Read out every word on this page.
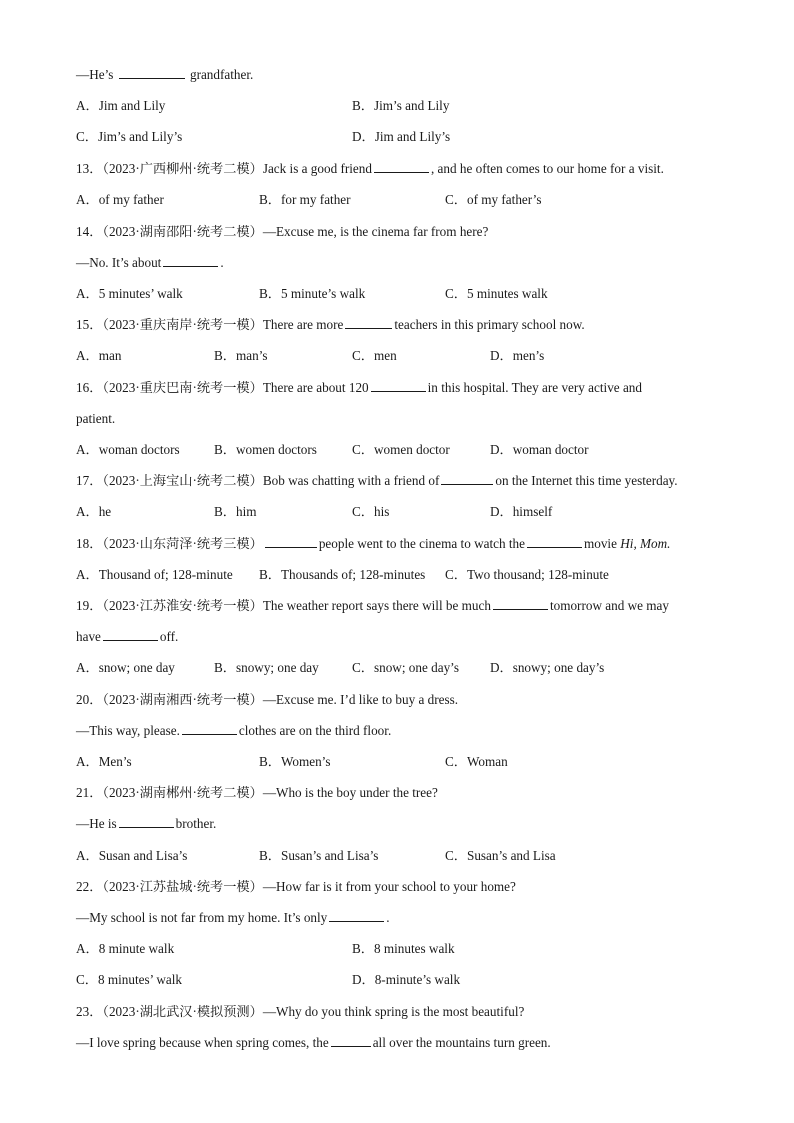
—He’s	grandfather.
A．Jim and Lily	B．Jim’s and Lily
C．Jim’s and Lily’s	D．Jim and Lily’s
13．（2023·广西柳州·统考二模）Jack is a good friend	, and he often comes to our home for a visit.
A．of my father	B．for my father	C．of my father’s
14．（2023·湖南邵阳·统考二模）—Excuse me, is the cinema far from here?
—No. It’s about	.
A．5 minutes’ walk	B．5 minute’s walk	C．5 minutes walk
15．（2023·重庆南岸·统考一模）There are more	teachers in this primary school now.
A．man	B．man’s	C．men	D．men’s
16．（2023·重庆巴南·统考一模）There are about 120	in this hospital. They are very active and
patient.
A．woman doctors	B．women doctors	C．women doctor	D．woman doctor
17．（2023·上海宝山·统考二模）Bob was chatting with a friend of	on the Internet this time yesterday.
A．he	B．him	C．his	D．himself
18．（2023·山东菏泽·统考三模）	people went to the cinema to watch the	movie Hi, Mom.
A．Thousand of; 128-minute B．Thousands of; 128-minutes C．Two thousand; 128-minute
19．（2023·江苏淮安·统考一模）The weather report says there will be much	tomorrow and we may
have	off.
A．snow; one day	B．snowy; one day	C．snow; one day’s D．snowy; one day’s
20．（2023·湖南湘西·统考一模）—Excuse me. I’d like to buy a dress.
—This way, please.	clothes are on the third floor.
A．Men’s	B．Women’s	C．Woman
21．（2023·湖南郴州·统考二模）—Who is the boy under the tree?
—He is	brother.
A．Susan and Lisa’s	B．Susan’s and Lisa’s	C．Susan’s and Lisa
22．（2023·江苏盐城·统考一模）—How far is it from your school to your home?
—My school is not far from my home. It’s only	.
A．8 minute walk	B．8 minutes walk
C．8 minutes’ walk	D．8-minute’s walk
23．（2023·湖北武汉·模拟预测）—Why do you think spring is the most beautiful?
—I love spring because when spring comes, the	all over the mountains turn green.
